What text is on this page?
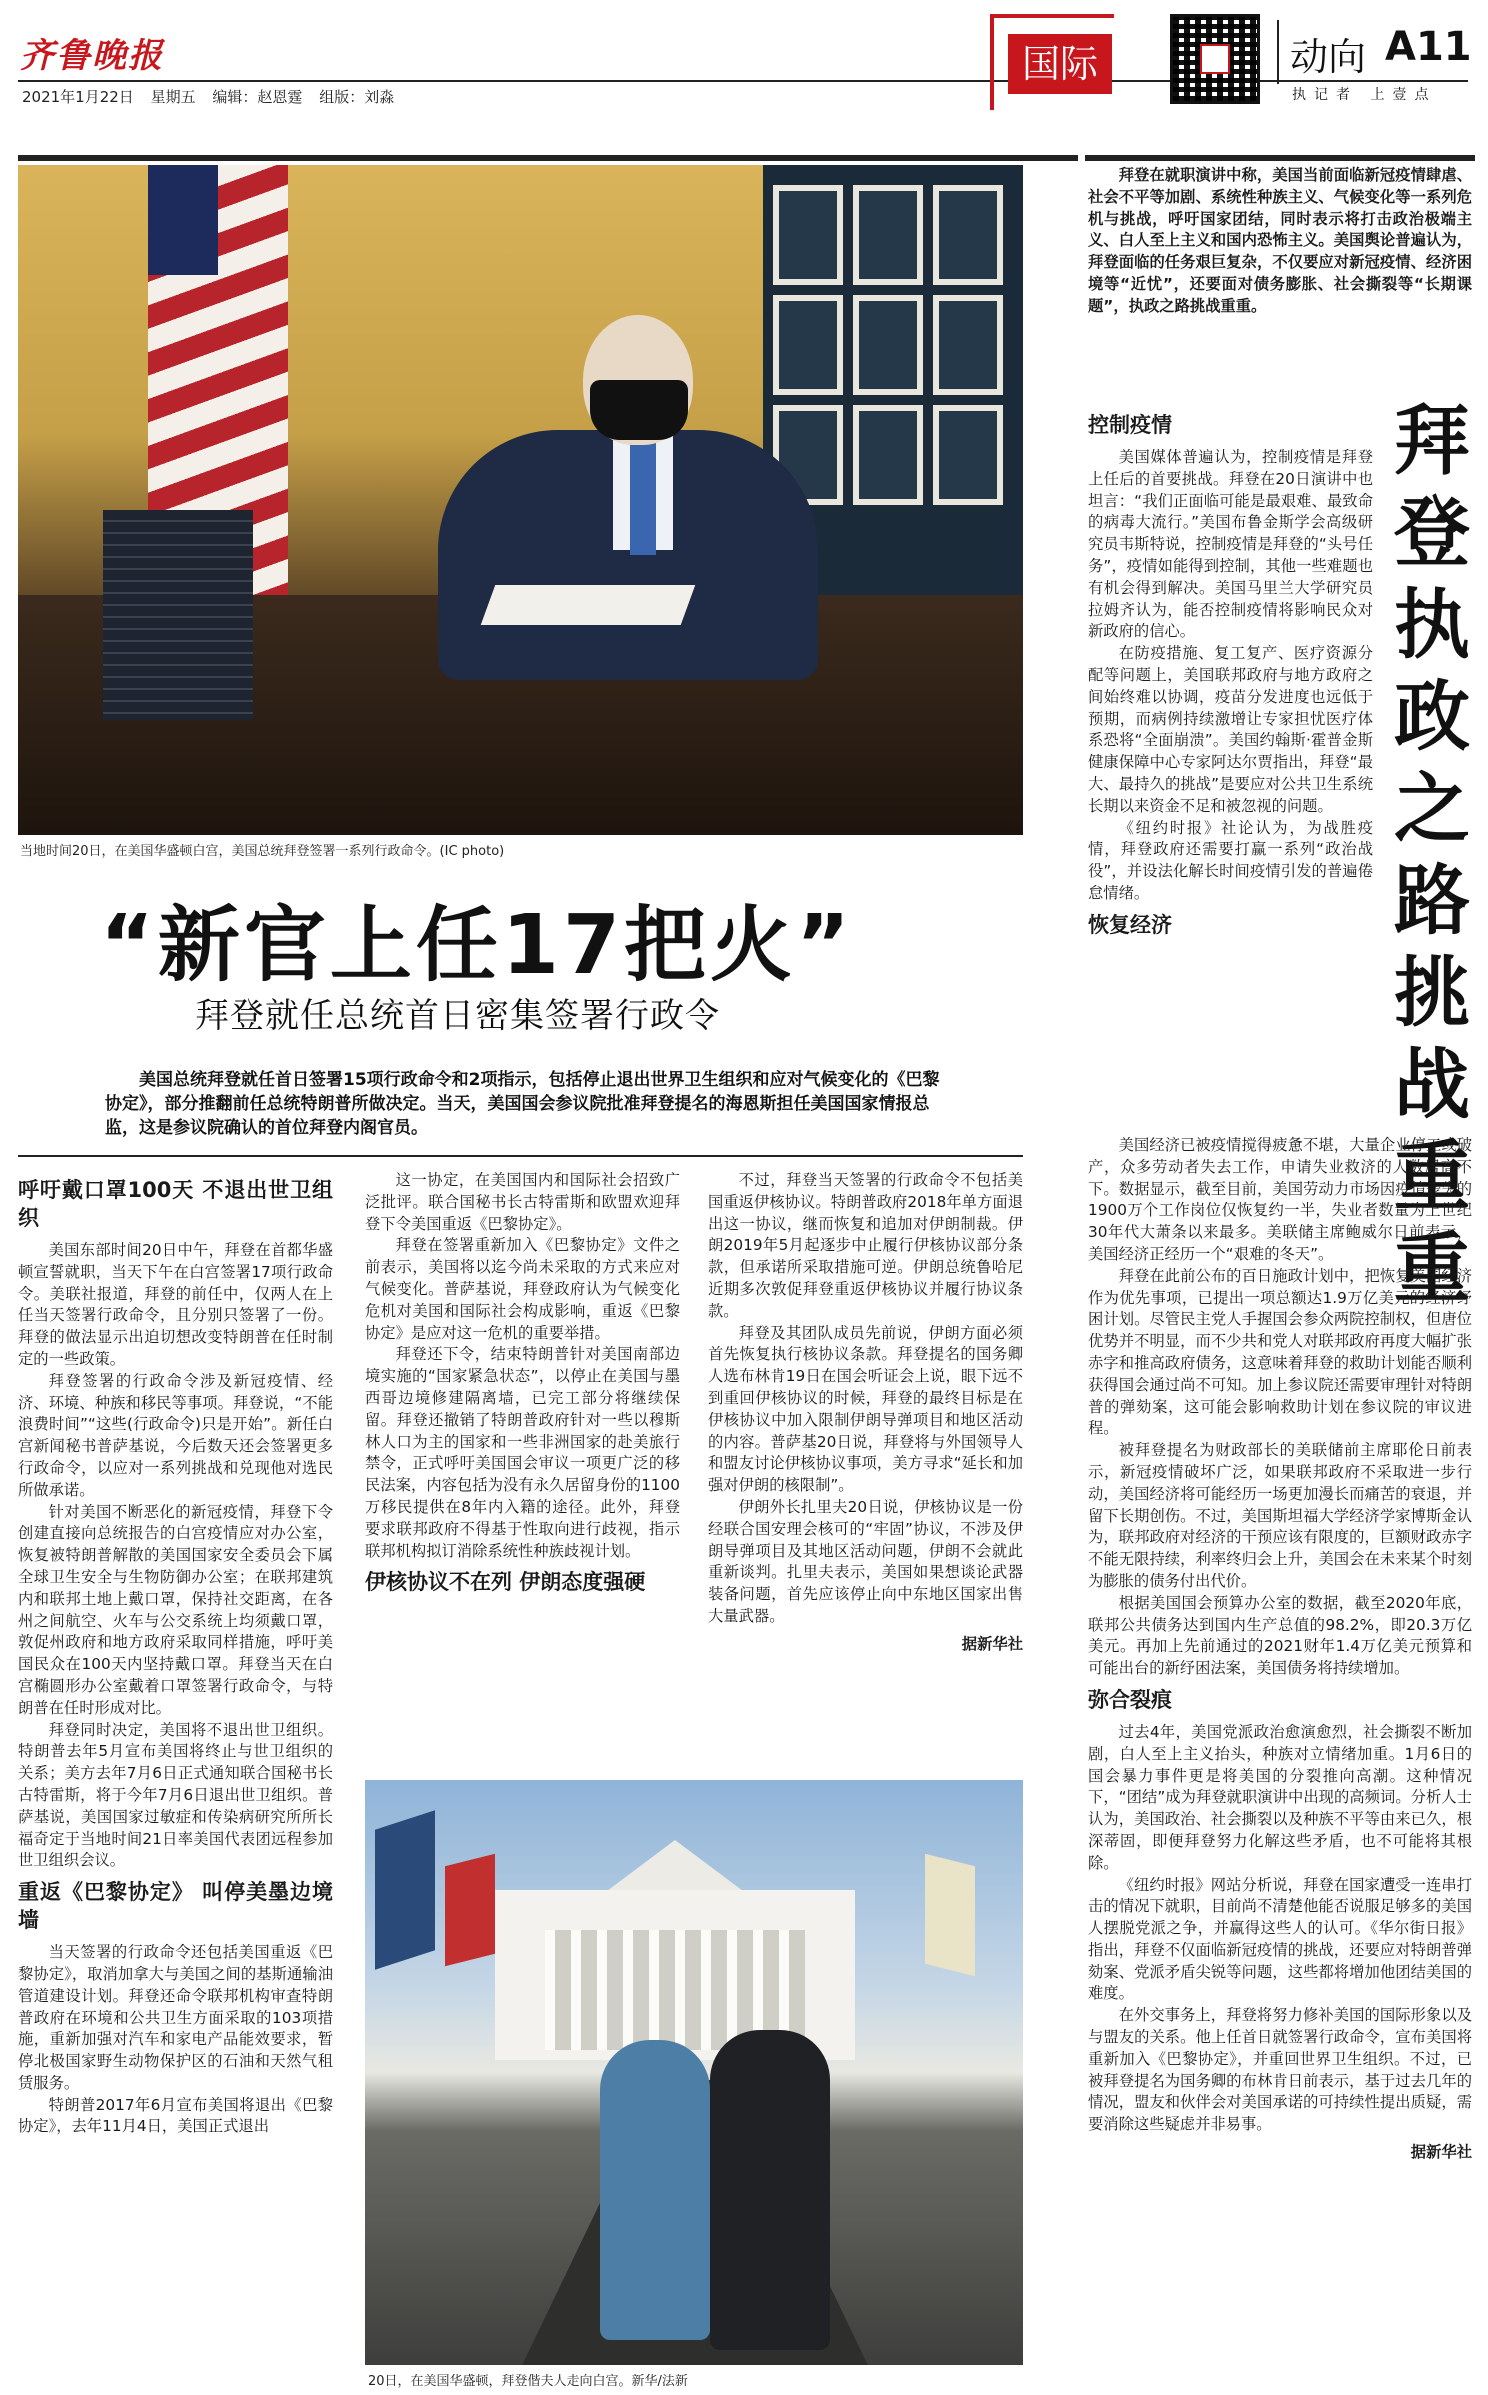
齐鲁晚报
2021年1月22日 星期五 编辑：赵恩霆 组版：刘淼
国际	动向 A11
执记者 上壹点
当地时间20日，在美国华盛顿白宫，美国总统拜登签署一系列行政命令。(IC photo)
“新官上任17把火”
拜登就任总统首日密集签署行政令
美国总统拜登就任首日签署15项行政命令和2项指示，包括停止退出世界卫生组织和应对气候变化的《巴黎协定》，部分推翻前任总统特朗普所做决定。当天，美国国会参议院批准拜登提名的海恩斯担任美国国家情报总监，这是参议院确认的首位拜登内阁官员。
呼吁戴口罩100天 不退出世卫组织

美国东部时间20日中午，拜登在首都华盛顿宣誓就职，当天下午在白宫签署17项行政命令。美联社报道，拜登的前任中，仅两人在上任当天签署行政命令，且分别只签署了一份。拜登的做法显示出迫切想改变特朗普在任时制定的一些政策。

拜登签署的行政命令涉及新冠疫情、经济、环境、种族和移民等事项。拜登说，“不能浪费时间”“这些(行政命令)只是开始”。新任白宫新闻秘书普萨基说，今后数天还会签署更多行政命令，以应对一系列挑战和兑现他对选民所做承诺。

针对美国不断恶化的新冠疫情，拜登下令创建直接向总统报告的白宫疫情应对办公室，恢复被特朗普解散的美国国家安全委员会下属全球卫生安全与生物防御办公室；在联邦建筑内和联邦土地上戴口罩，保持社交距离，在各州之间航空、火车与公交系统上均须戴口罩，敦促州政府和地方政府采取同样措施，呼吁美国民众在100天内坚持戴口罩。拜登当天在白宫椭圆形办公室戴着口罩签署行政命令，与特朗普在任时形成对比。

拜登同时决定，美国将不退出世卫组织。特朗普去年5月宣布美国将终止与世卫组织的关系；美方去年7月6日正式通知联合国秘书长古特雷斯，将于今年7月6日退出世卫组织。普萨基说，美国国家过敏症和传染病研究所所长福奇定于当地时间21日率美国代表团远程参加世卫组织会议。

重返《巴黎协定》 叫停美墨边境墙

当天签署的行政命令还包括美国重返《巴黎协定》，取消加拿大与美国之间的基斯通输油管道建设计划。拜登还命令联邦机构审查特朗普政府在环境和公共卫生方面采取的103项措施，重新加强对汽车和家电产品能效要求，暂停北极国家野生动物保护区的石油和天然气租赁服务。

特朗普2017年6月宣布美国将退出《巴黎协定》，去年11月4日，美国正式退出

这一协定，在美国国内和国际社会招致广泛批评。联合国秘书长古特雷斯和欧盟欢迎拜登下令美国重返《巴黎协定》。

拜登在签署重新加入《巴黎协定》文件之前表示，美国将以迄今尚未采取的方式来应对气候变化。普萨基说，拜登政府认为气候变化危机对美国和国际社会构成影响，重返《巴黎协定》是应对这一危机的重要举措。

拜登还下令，结束特朗普针对美国南部边境实施的“国家紧急状态”，以停止在美国与墨西哥边境修建隔离墙，已完工部分将继续保留。拜登还撤销了特朗普政府针对一些以穆斯林人口为主的国家和一些非洲国家的赴美旅行禁令，正式呼吁美国国会审议一项更广泛的移民法案，内容包括为没有永久居留身份的1100万移民提供在8年内入籍的途径。此外，拜登要求联邦政府不得基于性取向进行歧视，指示联邦机构拟订消除系统性种族歧视计划。

伊核协议不在列 伊朗态度强硬

不过，拜登当天签署的行政命令不包括美国重返伊核协议。特朗普政府2018年单方面退出这一协议，继而恢复和追加对伊朗制裁。伊朗2019年5月起逐步中止履行伊核协议部分条款，但承诺所采取措施可逆。伊朗总统鲁哈尼近期多次敦促拜登重返伊核协议并履行协议条款。

拜登及其团队成员先前说，伊朗方面必须首先恢复执行核协议条款。拜登提名的国务卿人选布林肯19日在国会听证会上说，眼下远不到重回伊核协议的时候，拜登的最终目标是在伊核协议中加入限制伊朗导弹项目和地区活动的内容。普萨基20日说，拜登将与外国领导人和盟友讨论伊核协议事项，美方寻求“延长和加强对伊朗的核限制”。

伊朗外长扎里夫20日说，伊核协议是一份经联合国安理会核可的“牢固”协议，不涉及伊朗导弹项目及其地区活动问题，伊朗不会就此重新谈判。扎里夫表示，美国如果想谈论武器装备问题，首先应该停止向中东地区国家出售大量武器。

据新华社

20日，在美国华盛顿，拜登偕夫人走向白宫。新华/法新

拜登在就职演讲中称，美国当前面临新冠疫情肆虐、社会不平等加剧、系统性种族主义、气候变化等一系列危机与挑战，呼吁国家团结，同时表示将打击政治极端主义、白人至上主义和国内恐怖主义。美国舆论普遍认为，拜登面临的任务艰巨复杂，不仅要应对新冠疫情、经济困境等“近忧”，还要面对债务膨胀、社会撕裂等“长期课题”，执政之路挑战重重。

控制疫情

美国媒体普遍认为，控制疫情是拜登上任后的首要挑战。拜登在20日演讲中也坦言：“我们正面临可能是最艰难、最致命的病毒大流行。”美国布鲁金斯学会高级研究员韦斯特说，控制疫情是拜登的“头号任务”，疫情如能得到控制，其他一些难题也有机会得到解决。美国马里兰大学研究员拉姆齐认为，能否控制疫情将影响民众对新政府的信心。

在防疫措施、复工复产、医疗资源分配等问题上，美国联邦政府与地方政府之间始终难以协调，疫苗分发进度也远低于预期，而病例持续激增让专家担忧医疗体系恐将“全面崩溃”。美国约翰斯·霍普金斯健康保障中心专家阿达尔贾指出，拜登“最大、最持久的挑战”是要应对公共卫生系统长期以来资金不足和被忽视的问题。

《纽约时报》社论认为，为战胜疫情，拜登政府还需要打赢一系列“政治战役”，并设法化解长时间疫情引发的普遍倦怠情绪。

恢复经济
拜登执政之路挑战重重

美国经济已被疫情搅得疲惫不堪，大量企业停工或破产，众多劳动者失去工作，申请失业救济的人数居高不下。数据显示，截至目前，美国劳动力市场因疫情丧失的1900万个工作岗位仅恢复约一半，失业者数量为上世纪30年代大萧条以来最多。美联储主席鲍威尔日前表示，美国经济正经历一个“艰难的冬天”。

拜登在此前公布的百日施政计划中，把恢复美国经济作为优先事项，已提出一项总额达1.9万亿美元的经济纾困计划。尽管民主党人手握国会参众两院控制权，但唐位优势并不明显，而不少共和党人对联邦政府再度大幅扩张赤字和推高政府债务，这意味着拜登的救助计划能否顺利获得国会通过尚不可知。加上参议院还需要审理针对特朗普的弹劾案，这可能会影响救助计划在参议院的审议进程。

被拜登提名为财政部长的美联储前主席耶伦日前表示，新冠疫情破坏广泛，如果联邦政府不采取进一步行动，美国经济将可能经历一场更加漫长而痛苦的衰退，并留下长期创伤。不过，美国斯坦福大学经济学家博斯金认为，联邦政府对经济的干预应该有限度的，巨额财政赤字不能无限持续，利率终归会上升，美国会在未来某个时刻为膨胀的债务付出代价。

根据美国国会预算办公室的数据，截至2020年底，联邦公共债务达到国内生产总值的98.2%，即20.3万亿美元。再加上先前通过的2021财年1.4万亿美元预算和可能出台的新纾困法案，美国债务将持续增加。

弥合裂痕

过去4年，美国党派政治愈演愈烈，社会撕裂不断加剧，白人至上主义抬头，种族对立情绪加重。1月6日的国会暴力事件更是将美国的分裂推向高潮。这种情况下，“团结”成为拜登就职演讲中出现的高频词。分析人士认为，美国政治、社会撕裂以及种族不平等由来已久，根深蒂固，即便拜登努力化解这些矛盾，也不可能将其根除。

《纽约时报》网站分析说，拜登在国家遭受一连串打击的情况下就职，目前尚不清楚他能否说服足够多的美国人摆脱党派之争，并赢得这些人的认可。《华尔街日报》指出，拜登不仅面临新冠疫情的挑战，还要应对特朗普弹劾案、党派矛盾尖锐等问题，这些都将增加他团结美国的难度。

在外交事务上，拜登将努力修补美国的国际形象以及与盟友的关系。他上任首日就签署行政命令，宣布美国将重新加入《巴黎协定》，并重回世界卫生组织。不过，已被拜登提名为国务卿的布林肯日前表示，基于过去几年的情况，盟友和伙伴会对美国承诺的可持续性提出质疑，需要消除这些疑虑并非易事。

据新华社
